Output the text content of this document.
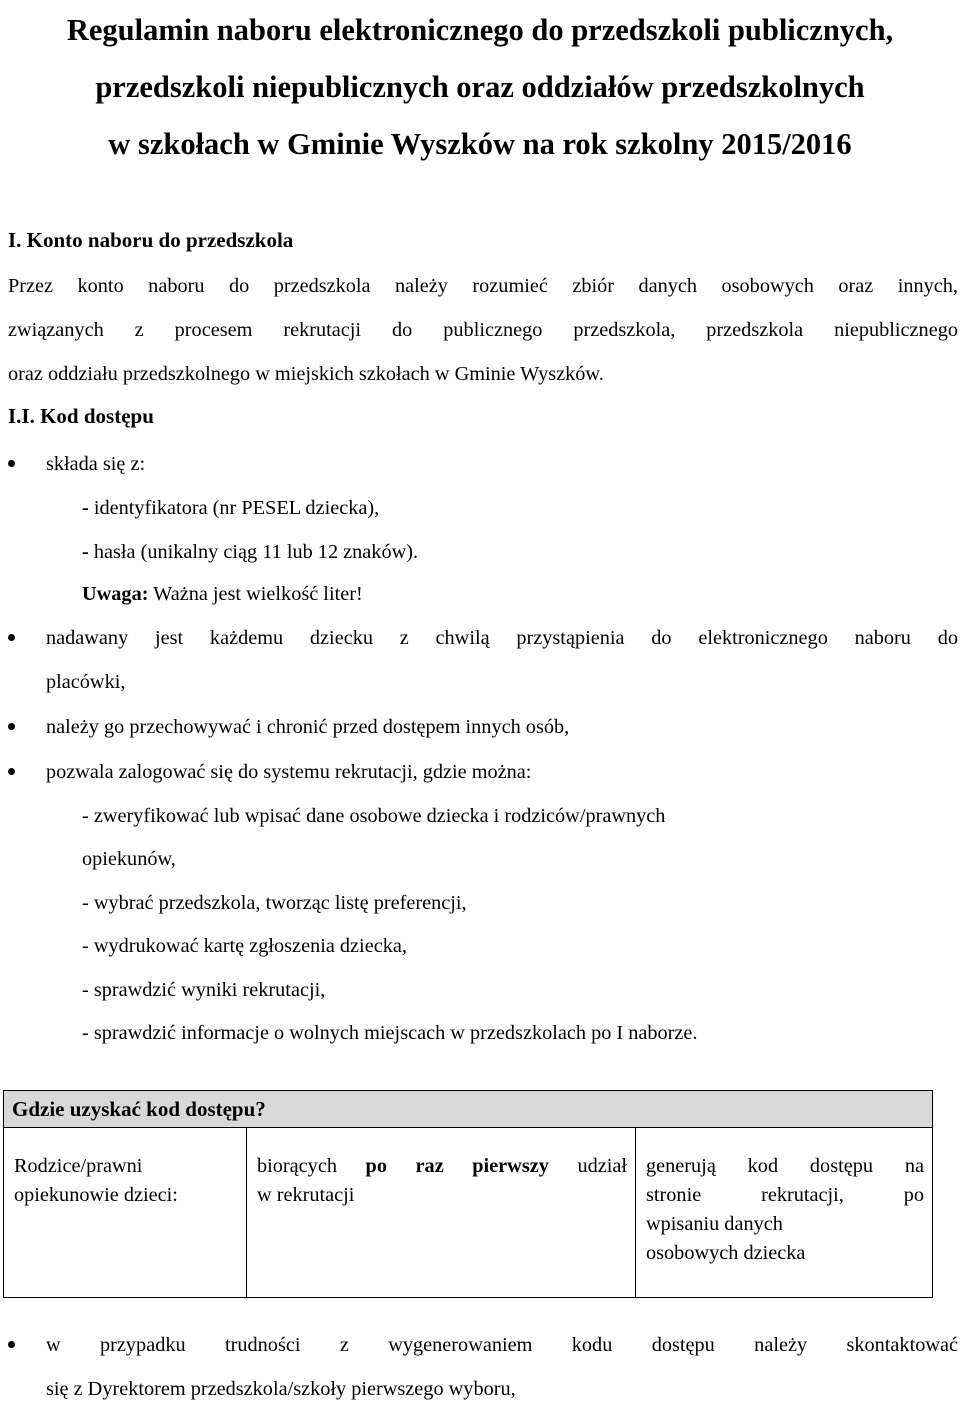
Regulamin naboru elektronicznego do przedszkoli publicznych,
przedszkoli niepublicznych oraz oddziałów przedszkolnych
w szkołach w Gminie Wyszków na rok szkolny 2015/2016
I. Konto naboru do przedszkola
Przez konto naboru do przedszkola należy rozumieć zbiór danych osobowych oraz innych,
związanych z procesem rekrutacji do publicznego przedszkola, przedszkola niepublicznego
oraz oddziału przedszkolnego w miejskich szkołach w Gminie Wyszków.
I.I. Kod dostępu
składa się z:
- identyfikatora (nr PESEL dziecka),
- hasła (unikalny ciąg 11 lub 12 znaków).
Uwaga: Ważna jest wielkość liter!
nadawany jest każdemu dziecku z chwilą przystąpienia do elektronicznego naboru do
placówki,
należy go przechowywać i chronić przed dostępem innych osób,
pozwala zalogować się do systemu rekrutacji, gdzie można:
- zweryfikować lub wpisać dane osobowe dziecka i rodziców/prawnych
opiekunów,
- wybrać przedszkola, tworząc listę preferencji,
- wydrukować kartę zgłoszenia dziecka,
- sprawdzić wyniki rekrutacji,
- sprawdzić informacje o wolnych miejscach w przedszkolach po I naborze.
Gdzie uzyskać kod dostępu?
Rodzice/prawni
opiekunowie dzieci:
biorących po raz pierwszy udział
w rekrutacji
generują kod dostępu na
stronie rekrutacji, po
wpisaniu danych
osobowych dziecka
w przypadku trudności z wygenerowaniem kodu dostępu należy skontaktować
się z Dyrektorem przedszkola/szkoły pierwszego wyboru,
